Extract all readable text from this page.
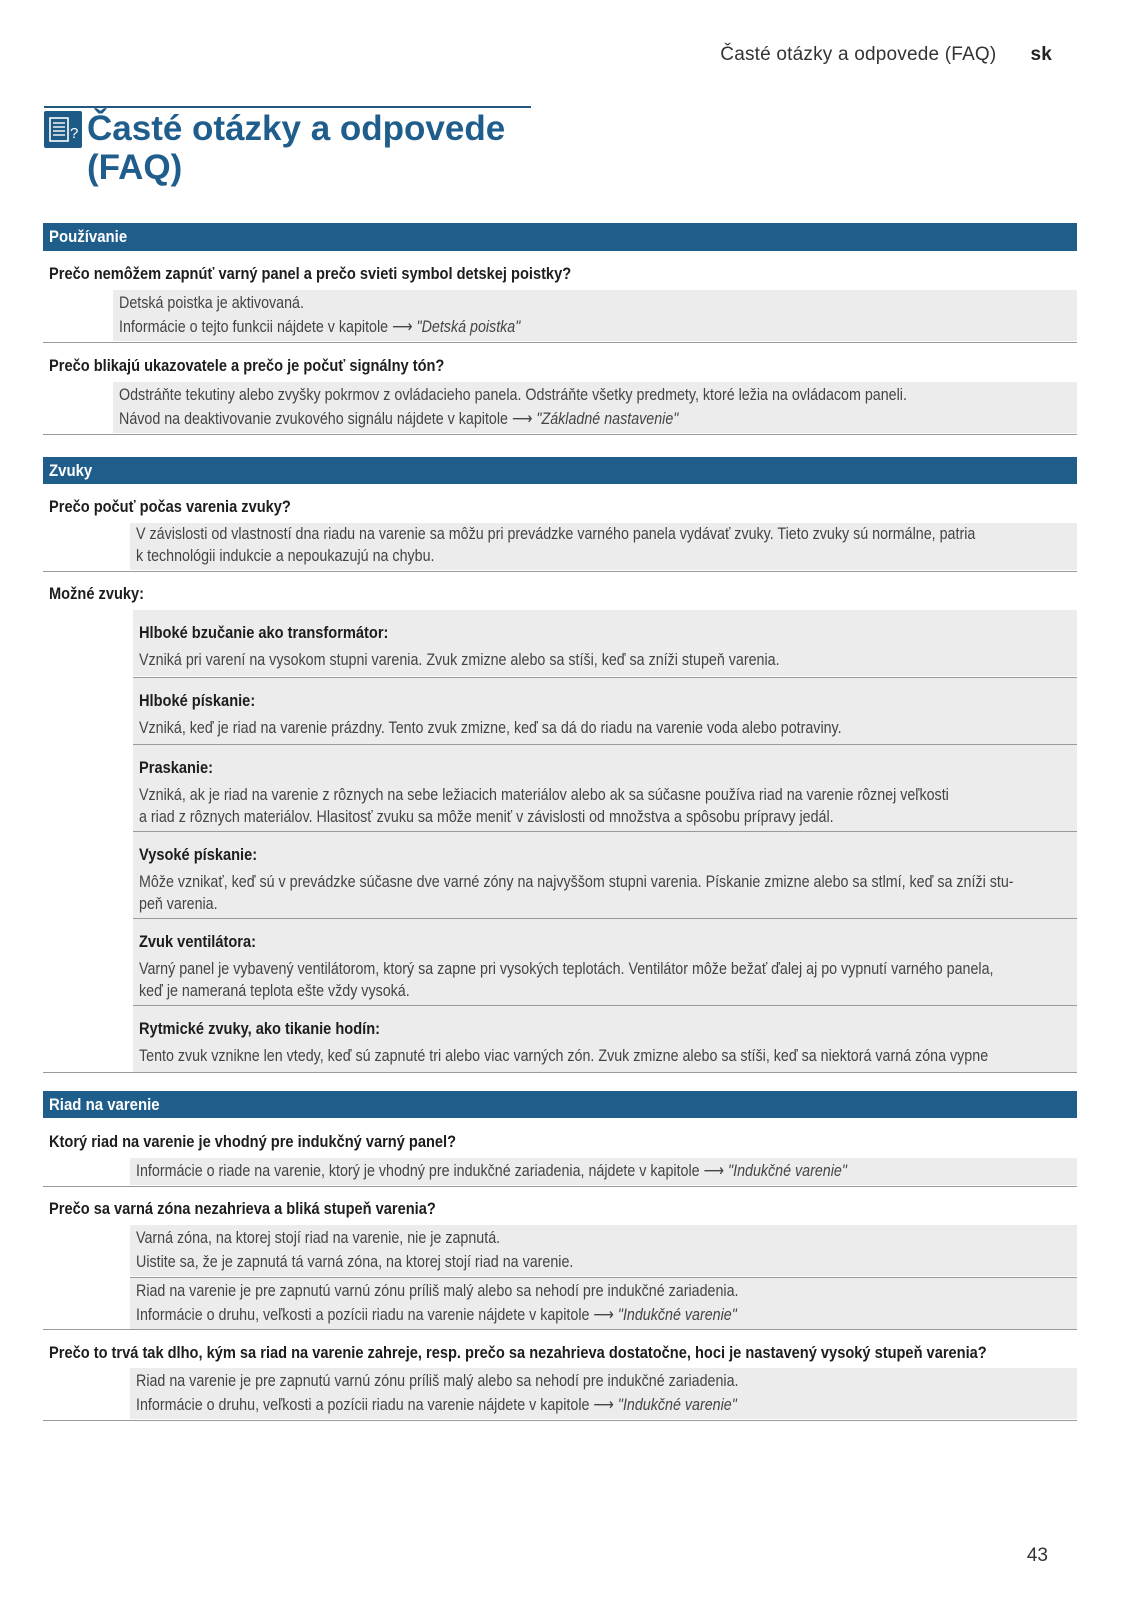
Časté otázky a odpovede (FAQ) sk
? Časté otázky a odpovede
(FAQ)
Používanie
Prečo nemôžem zapnúť varný panel a prečo svieti symbol detskej poistky?
Detská poistka je aktivovaná.
Informácie o tejto funkcii nájdete v kapitole ⟶ "Detská poistka"
Prečo blikajú ukazovatele a prečo je počuť signálny tón?
Odstráňte tekutiny alebo zvyšky pokrmov z ovládacieho panela. Odstráňte všetky predmety, ktoré ležia na ovládacom paneli.
Návod na deaktivovanie zvukového signálu nájdete v kapitole ⟶ "Základné nastavenie"
Zvuky
Prečo počuť počas varenia zvuky?
V závislosti od vlastností dna riadu na varenie sa môžu pri prevádzke varného panela vydávať zvuky. Tieto zvuky sú normálne, patria
k technológii indukcie a nepoukazujú na chybu.
Možné zvuky:
Hlboké bzučanie ako transformátor:
Vzniká pri varení na vysokom stupni varenia. Zvuk zmizne alebo sa stíši, keď sa zníži stupeň varenia.
Hlboké pískanie:
Vzniká, keď je riad na varenie prázdny. Tento zvuk zmizne, keď sa dá do riadu na varenie voda alebo potraviny.
Praskanie:
Vzniká, ak je riad na varenie z rôznych na sebe ležiacich materiálov alebo ak sa súčasne používa riad na varenie rôznej veľkosti
a riad z rôznych materiálov. Hlasitosť zvuku sa môže meniť v závislosti od množstva a spôsobu prípravy jedál.
Vysoké pískanie:
Môže vznikať, keď sú v prevádzke súčasne dve varné zóny na najvyššom stupni varenia. Pískanie zmizne alebo sa stlmí, keď sa zníži stu-
peň varenia.
Zvuk ventilátora:
Varný panel je vybavený ventilátorom, ktorý sa zapne pri vysokých teplotách. Ventilátor môže bežať ďalej aj po vypnutí varného panela,
keď je nameraná teplota ešte vždy vysoká.
Rytmické zvuky, ako tikanie hodín:
Tento zvuk vznikne len vtedy, keď sú zapnuté tri alebo viac varných zón. Zvuk zmizne alebo sa stíši, keď sa niektorá varná zóna vypne
Riad na varenie
Ktorý riad na varenie je vhodný pre indukčný varný panel?
Informácie o riade na varenie, ktorý je vhodný pre indukčné zariadenia, nájdete v kapitole ⟶ "Indukčné varenie"
Prečo sa varná zóna nezahrieva a bliká stupeň varenia?
Varná zóna, na ktorej stojí riad na varenie, nie je zapnutá.
Uistite sa, že je zapnutá tá varná zóna, na ktorej stojí riad na varenie.
Riad na varenie je pre zapnutú varnú zónu príliš malý alebo sa nehodí pre indukčné zariadenia.
Informácie o druhu, veľkosti a pozícii riadu na varenie nájdete v kapitole ⟶ "Indukčné varenie"
Prečo to trvá tak dlho, kým sa riad na varenie zahreje, resp. prečo sa nezahrieva dostatočne, hoci je nastavený vysoký stupeň varenia?
Riad na varenie je pre zapnutú varnú zónu príliš malý alebo sa nehodí pre indukčné zariadenia.
Informácie o druhu, veľkosti a pozícii riadu na varenie nájdete v kapitole ⟶ "Indukčné varenie"
43
